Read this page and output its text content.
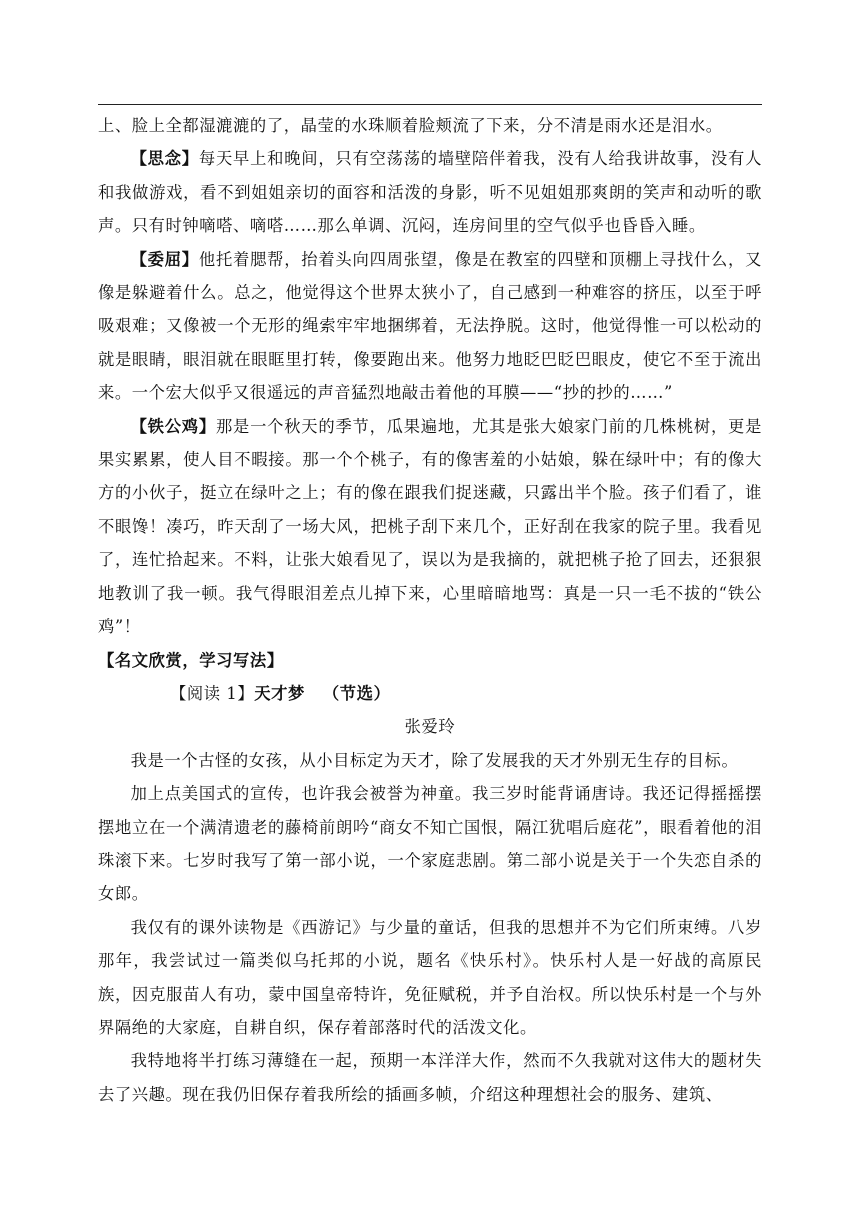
上、脸上全都湿漉漉的了，晶莹的水珠顺着脸颊流了下来，分不清是雨水还是泪水。

【思念】每天早上和晚间，只有空荡荡的墙壁陪伴着我，没有人给我讲故事，没有人和我做游戏，看不到姐姐亲切的面容和活泼的身影，听不见姐姐那爽朗的笑声和动听的歌声。只有时钟嘀嗒、嘀嗒……那么单调、沉闷，连房间里的空气似乎也昏昏入睡。

【委屈】他托着腮帮，抬着头向四周张望，像是在教室的四壁和顶棚上寻找什么，又像是躲避着什么。总之，他觉得这个世界太狭小了，自己感到一种难容的挤压，以至于呼吸艰难；又像被一个无形的绳索牢牢地捆绑着，无法挣脱。这时，他觉得惟一可以松动的就是眼睛，眼泪就在眼眶里打转，像要跑出来。他努力地眨巴眨巴眼皮，使它不至于流出来。一个宏大似乎又很遥远的声音猛烈地敲击着他的耳膜——“抄的抄的……”

【铁公鸡】那是一个秋天的季节，瓜果遍地，尤其是张大娘家门前的几株桃树，更是果实累累，使人目不暇接。那一个个桃子，有的像害羞的小姑娘，躲在绿叶中；有的像大方的小伙子，挺立在绿叶之上；有的像在跟我们捉迷藏，只露出半个脸。孩子们看了，谁不眼馋！凑巧，昨天刮了一场大风，把桃子刮下来几个，正好刮在我家的院子里。我看见了，连忙拾起来。不料，让张大娘看见了，误以为是我摘的，就把桃子抢了回去，还狠狠地教训了我一顿。我气得眼泪差点儿掉下来，心里暗暗地骂：真是一只一毛不拔的“铁公鸡”！

【名文欣赏，学习写法】

【阅读 1】天才梦 （节选）

张爱玲

我是一个古怪的女孩，从小目标定为天才，除了发展我的天才外别无生存的目标。

加上点美国式的宣传，也许我会被誉为神童。我三岁时能背诵唐诗。我还记得摇摇摆摆地立在一个满清遗老的藤椅前朗吟“商女不知亡国恨，隔江犹唱后庭花”，眼看着他的泪珠滚下来。七岁时我写了第一部小说，一个家庭悲剧。第二部小说是关于一个失恋自杀的女郎。

我仅有的课外读物是《西游记》与少量的童话，但我的思想并不为它们所束缚。八岁那年，我尝试过一篇类似乌托邦的小说，题名《快乐村》。快乐村人是一好战的高原民族，因克服苗人有功，蒙中国皇帝特许，免征赋税，并予自治权。所以快乐村是一个与外界隔绝的大家庭，自耕自织，保存着部落时代的活泼文化。

我特地将半打练习薄缝在一起，预期一本洋洋大作，然而不久我就对这伟大的题材失去了兴趣。现在我仍旧保存着我所绘的插画多帧，介绍这种理想社会的服务、建筑、
